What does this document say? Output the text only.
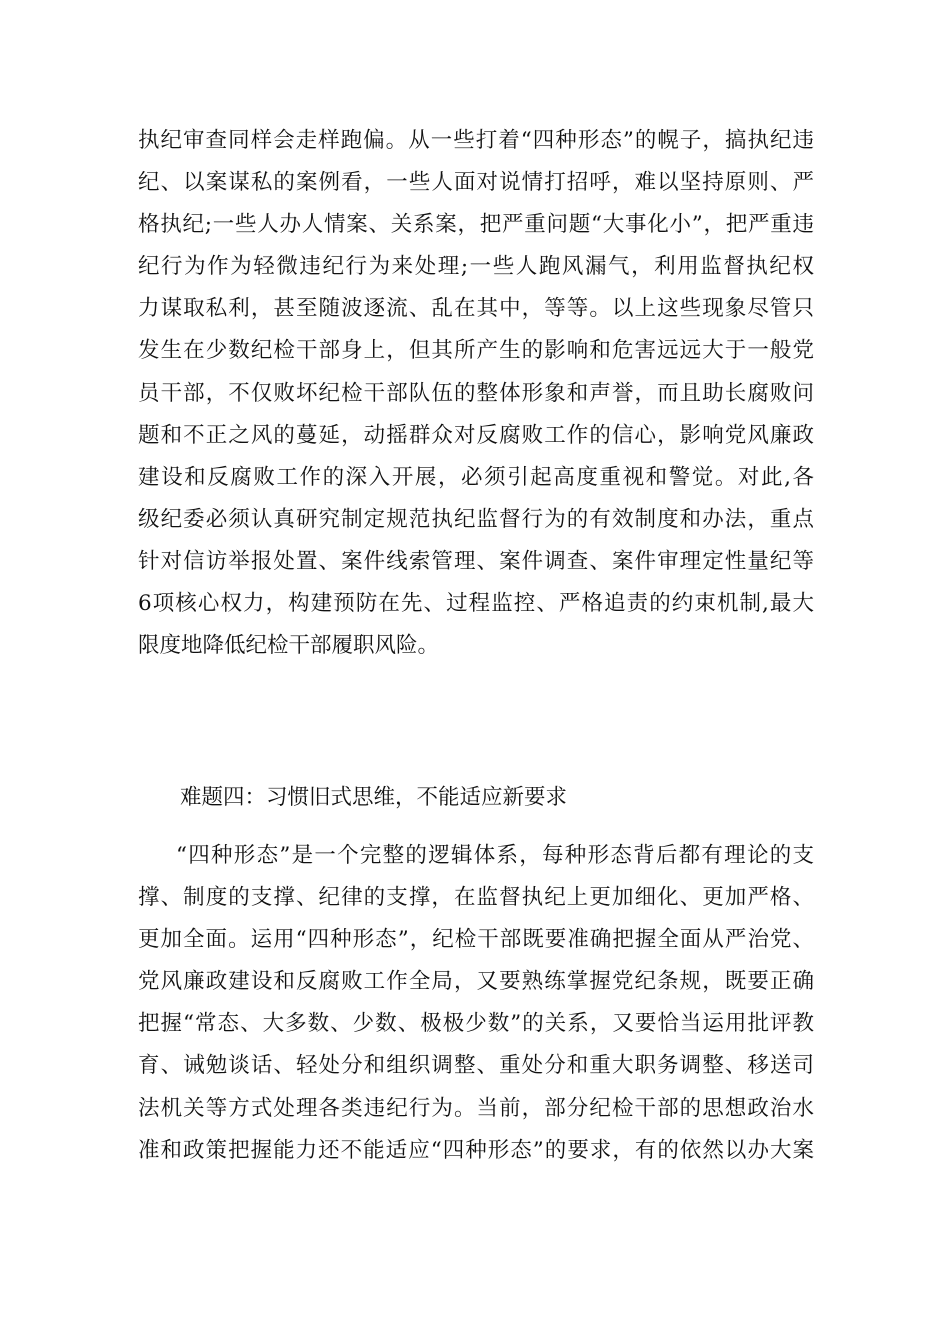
执纪审查同样会走样跑偏。从一些打着“四种形态”的幌子，搞执纪违
纪、以案谋私的案例看，一些人面对说情打招呼，难以坚持原则、严
格执纪;一些人办人情案、关系案，把严重问题“大事化小”，把严重违
纪行为作为轻微违纪行为来处理;一些人跑风漏气，利用监督执纪权
力谋取私利，甚至随波逐流、乱在其中，等等。以上这些现象尽管只
发生在少数纪检干部身上，但其所产生的影响和危害远远大于一般党
员干部，不仅败坏纪检干部队伍的整体形象和声誉，而且助长腐败问
题和不正之风的蔓延，动摇群众对反腐败工作的信心，影响党风廉政
建设和反腐败工作的深入开展，必须引起高度重视和警觉。对此,各
级纪委必须认真研究制定规范执纪监督行为的有效制度和办法，重点
针对信访举报处置、案件线索管理、案件调查、案件审理定性量纪等
6项核心权力，构建预防在先、过程监控、严格追责的约束机制,最大
限度地降低纪检干部履职风险。
难题四：习惯旧式思维，不能适应新要求
“四种形态”是一个完整的逻辑体系，每种形态背后都有理论的支
撑、制度的支撑、纪律的支撑，在监督执纪上更加细化、更加严格、
更加全面。运用“四种形态”，纪检干部既要准确把握全面从严治党、
党风廉政建设和反腐败工作全局，又要熟练掌握党纪条规，既要正确
把握“常态、大多数、少数、极极少数”的关系，又要恰当运用批评教
育、诫勉谈话、轻处分和组织调整、重处分和重大职务调整、移送司
法机关等方式处理各类违纪行为。当前，部分纪检干部的思想政治水
准和政策把握能力还不能适应“四种形态”的要求，有的依然以办大案
